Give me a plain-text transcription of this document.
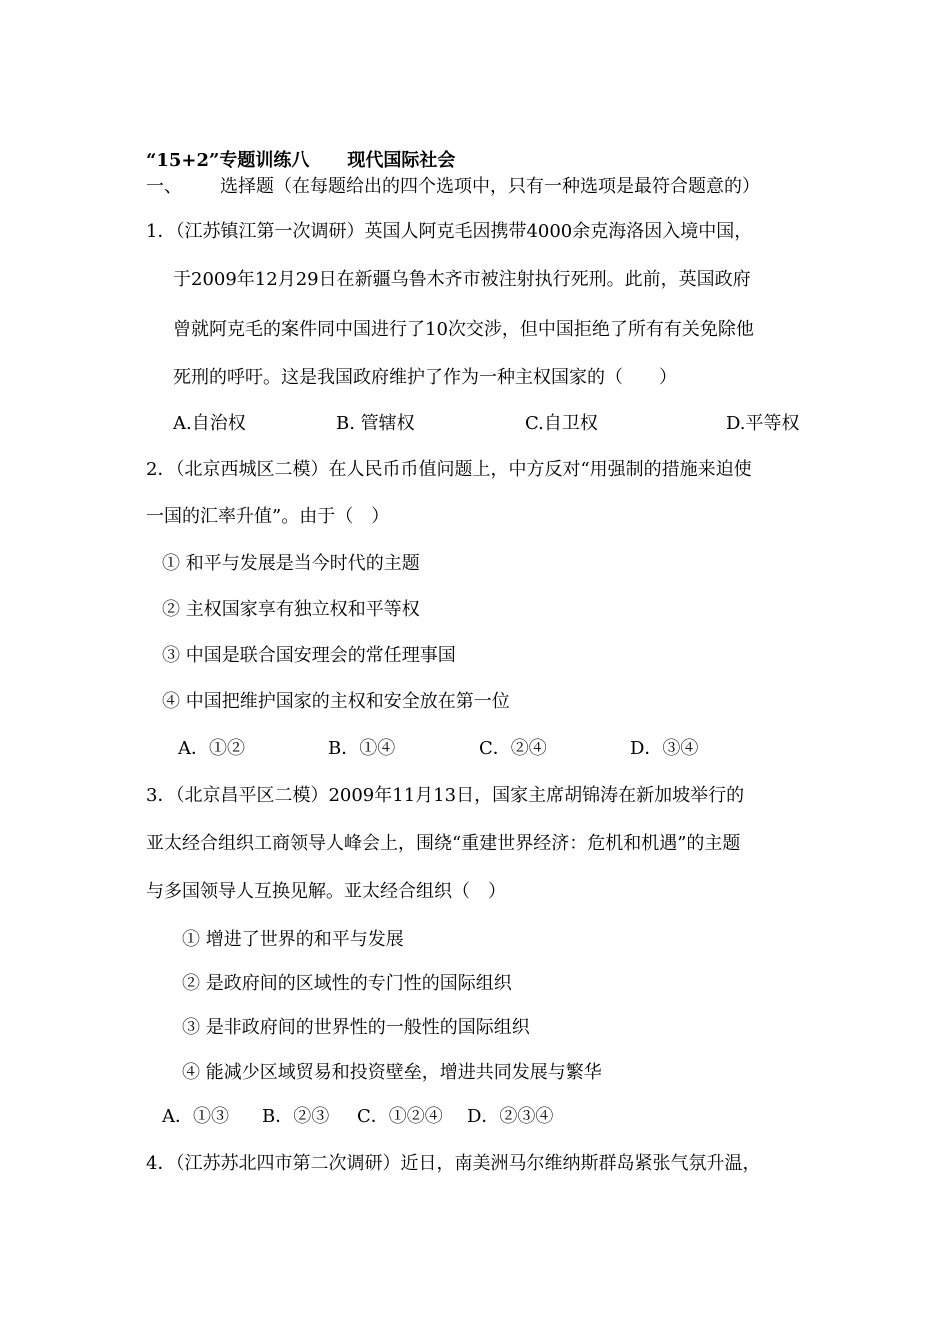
“15+2”专题训练八 现代国际社会
一、 选择题（在每题给出的四个选项中，只有一种选项是最符合题意的）
1．（江苏镇江第一次调研）英国人阿克毛因携带4000余克海洛因入境中国，
于2009年12月29日在新疆乌鲁木齐市被注射执行死刑。此前，英国政府
曾就阿克毛的案件同中国进行了10次交涉，但中国拒绝了所有有关免除他
死刑的呼吁。这是我国政府维护了作为一种主权国家的（　　）
A.自治权	B. 管辖权	C.自卫权	D.平等权
2．（北京西城区二模）在人民币币值问题上，中方反对“用强制的措施来迫使
一国的汇率升值”。由于（　）
① 和平与发展是当今时代的主题
② 主权国家享有独立权和平等权
③ 中国是联合国安理会的常任理事国
④ 中国把维护国家的主权和安全放在第一位
A．①②	B．①④	C．②④	D．③④
3．（北京昌平区二模）2009年11月13日，国家主席胡锦涛在新加坡举行的
亚太经合组织工商领导人峰会上，围绕“重建世界经济：危机和机遇”的主题
与多国领导人互换见解。亚太经合组织（　）
① 增进了世界的和平与发展
② 是政府间的区域性的专门性的国际组织
③ 是非政府间的世界性的一般性的国际组织
④ 能减少区域贸易和投资壁垒，增进共同发展与繁华
A．①③ B．②③ C．①②④ D．②③④
4．（江苏苏北四市第二次调研）近日，南美洲马尔维纳斯群岛紧张气氛升温，
